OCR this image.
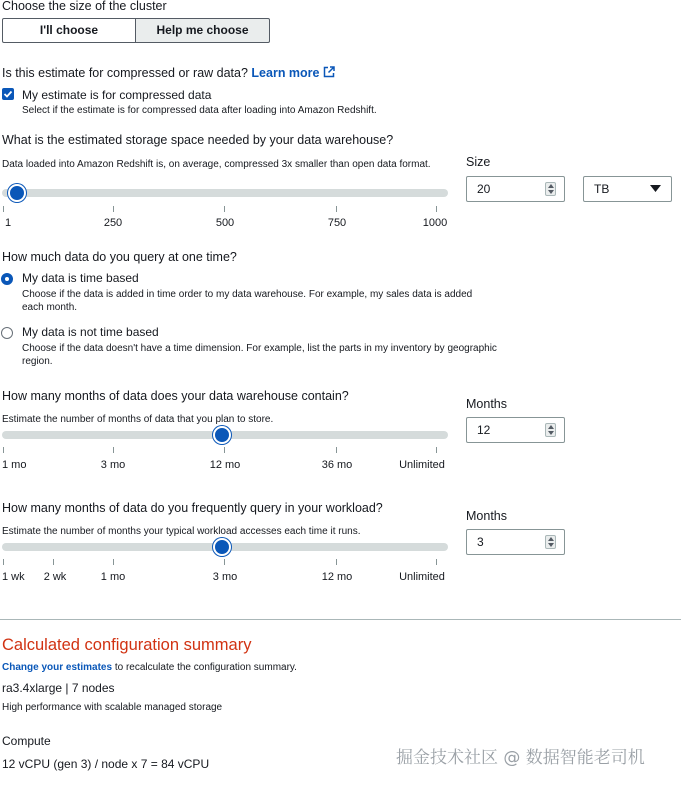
Choose the size of the cluster
I'll choose	Help me choose
Is this estimate for compressed or raw data? Learn more
My estimate is for compressed data
Select if the estimate is for compressed data after loading into Amazon Redshift.
What is the estimated storage space needed by your data warehouse?
Data loaded into Amazon Redshift is, on average, compressed 3x smaller than open data format.
1	250	500	750	1000
Size
20	TB
How much data do you query at one time?
My data is time based
Choose if the data is added in time order to my data warehouse. For example, my sales data is added each month.
My data is not time based
Choose if the data doesn't have a time dimension. For example, list the parts in my inventory by geographic region.
How many months of data does your data warehouse contain?
Estimate the number of months of data that you plan to store.
1 mo	3 mo	12 mo	36 mo	Unlimited
Months
12
How many months of data do you frequently query in your workload?
Estimate the number of months your typical workload accesses each time it runs.
1 wk 2 wk	1 mo	3 mo	12 mo	Unlimited
Months
3
Calculated configuration summary
Change your estimates to recalculate the configuration summary.
ra3.4xlarge | 7 nodes
High performance with scalable managed storage
Compute
12 vCPU (gen 3) / node x 7 = 84 vCPU	掘金技术社区 @ 数据智能老司机
